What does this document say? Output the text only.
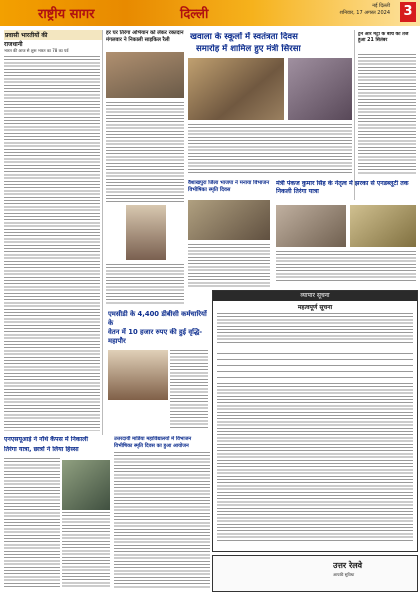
राष्ट्रीय सागर	दिल्ली
नई दिल्ली
शनिवार, 17 अगस्त 2024 3
प्रवासी भारतीयों की
राजधानी
भारत की आज से शुरू भारत का 78 का पर्व
हर घर तिरंगा अभियान को लेकर रक्तदान मंगलवार ने निकाली साइकिल रैली	खवाला के स्कूलों में स्वतंत्रता दिवस
समारोह में शामिल हुए मंत्री सिरसा
ट्रेन और मेट्रो के बीच का तेज हुआ 21 सितंबर
वैशाखपुरा जिला भाजपा ने मनाया विभाजन विभीषिका स्मृति दिवस
मंत्री पंकज कुमार सिंह के नेतृत्व में झरका से एनडब्लूटी तक निकली तिरंगा यात्रा
एमसीडी के 4,400 डीबीसी कर्मचारियों के
वेतन में 10 हजार रुपए की हुई वृद्धि- महापौर
व्यापार सूचना
महत्वपूर्ण सूचना
एनएसयूआई ने नॉर्थ कैंपस में निकाली
तिरंगा यात्रा, छात्रों ने लिया हिस्सा
उत्तरदायी माडिया महाविद्यालयों में विभाजन विभीषिका स्मृति दिवस का हुआ आयोजन
उत्तर रेलवे
आपकी सुविधा
